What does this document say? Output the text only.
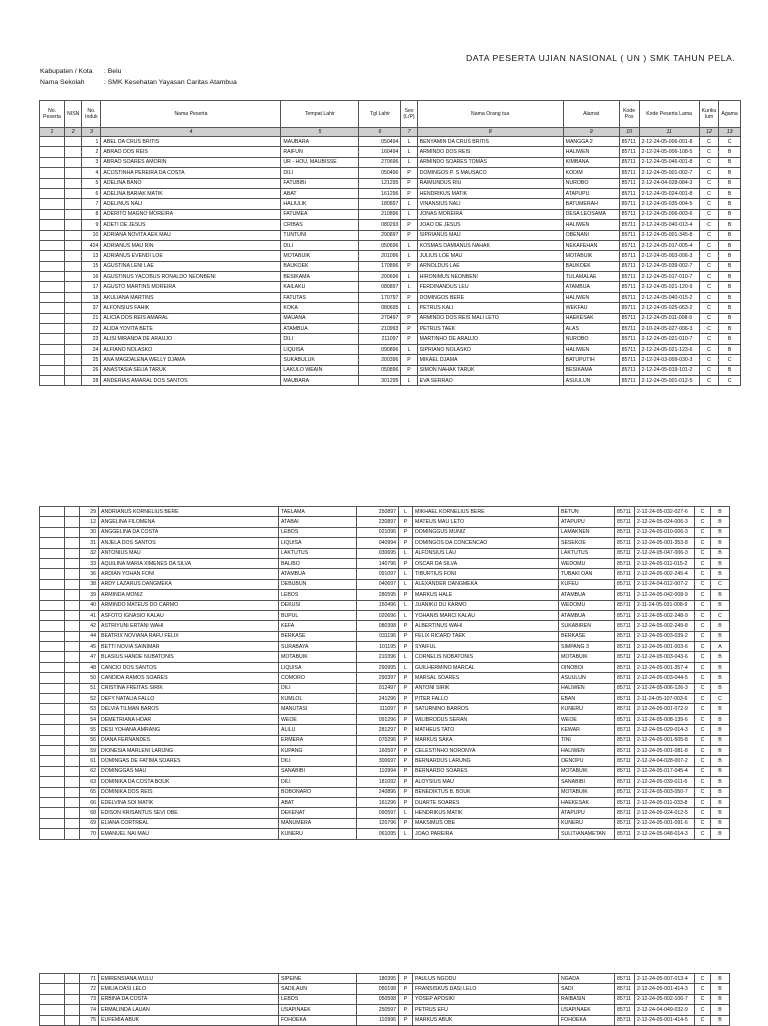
DATA PESERTA UJIAN NASIONAL ( UN ) SMK TAHUN PELA.
Kabupaten / Kota : Belu
Nama Sekolah	: SMK Kesehatan Yayasan Caritas Atambua
No. Peserta	NISN	No. Induk	Nama Peserta	Tempat Lahir	Tgl Lahir	Sex (L/P)	Nama Orang tua	Alamat	Kode Pos	Kode Peserta Lama	Kuriku lum	Agama
1	2	3	4	5	6	7	8	9	10	11	12	13
		1	ABEL DA CRUS BRITIS	MAUBARA	050494	L	BENYAMIN DA CRUS BRITIS	MANGGA 2	85711	2-12-24-05-006-001-8	C	C
		2	ABRAO DOS REIS	RAIFUN	160494	L	ARMINDO DOS REIS	HALIWEN	85711	2-12-24-05-006-108-5	C	B
		3	ABRAO SOARES AMORIN	UR - HOU, MAUBISSE	270696	L	ARMINDO SOARES TOMAS	KIMBANA	85711	2-12-24-05-046-001-8	C	B
		4	ACOSTINHA PEREIRA DA COSTA	DILI	050496	P	DOMINGOS P. S MAUSACO	KODIM	85711	2-12-24-05-001-002-7	C	B
		5	ADELINA BANO	FATUBIBI	121295	P	RAIMUNDUS RIU	NUROBO	85711	2-12-24-04-028-084-3	C	B
		6	ADELINA BARIAK MATIK	ABAT	161296	P	HENDRIKUS MATIK	ATAPUPU	85711	2-12-24-05-024-001-8	C	B
		7	ADELINUS NALI	HALIULIK	180897	L	VINANSIUS NALI	BATUMERAH	85711	2-12-24-05-035-004-5	C	B
		8	ADERITO MAGNO MOREIRA	FATUMEA	210896	L	JONAS MOREIRA	DESA LEOSAMA	85711	2-12-24-05-006-003-6	C	B
		9	ADETI DE JESUS	CRIBAS	080293	P	JOAO DE JESUS	HALIWEN	85711	2-12-24-05-040-013-4	C	B
		10	ADRIANA NOVITA AEK MAU	TUNTUNI	290897	P	SIPRIANUS MAU	OBENANI	85711	2-12-24-05-001-345-8	C	B
		424	ADRIANUS MAU RIN	DILI	050696	L	KOSMAS DAMIANUS NAHAK	NEKAFEHAN	85711	2-12-24-05-017-005-4	C	B
		13	ADRIANUS EVENDI LOE	MOTABUIK	201096	L	JULIUS LOE MAU	MOTABUIK	85711	2-12-24-05-003-006-3	C	B
		15	AGUSTINA LENI LAE	BAUKOEK	170896	P	ARNOLDUS LAE	BAUKOEK	85711	2-12-24-05-039-002-7	C	B
		16	AGUSTINUS YACOBUS RONALDO NEONBENI	BESIKAMA	200696	L	HIRONIMUS NEONBENI	TULAMALAE	85711	2-12-24-05-017-010-7	C	B
		17	AGUSTO MARTINS MOREIRA	KAILAKU	080897	L	FERDINANDUS LEU	ATAMBUA	85711	2-12-24-05-021-120-9	C	B
		18	AKULIANA MARTINS	FATUTAS	170797	P	DOMINGOS BERE	HALIWEN	85711	2-12-24-05-040-015-2	C	B
		37	ALFONSIUS FAHIK	KOKA	080695	L	PETRUS KALI	WEKFAU	85711	2-12-24-05-025-063-2	C	B
		21	ALICIA DOS REIS AMARAL	MAUANA	270497	P	ARMINDO DOS REIS MALI LETO	HAEKESAK	85711	2-12-24-05-011-008-9	C	B
		22	ALIDA YOVITA BETE	ATAMBUA	210993	P	PETRUS TAEK	ALAS	85711	2-10-24-05-027-006-3	C	B
		23	ALISI MIRANDA DE ARAUJO	DILI	211097	P	MARTINHO DE ARAUJO	NUROBO	85711	2-12-24-05-021-010-7	C	B
		24	ALFIANO NOLASKO	LIQUISA	090896	L	SIPRIANO NOLASKO	HALIWEN	85711	2-12-24-05-021-123-6	C	B
		25	ANA MAGDALENA WELLY DJAMA	SUKABULUK	200396	P	MIKAEL DJAMA	BATUPUTIH	85711	2-12-24-03-009-030-3	C	C
		26	ANASTASIA SELIA TARUK	LAKULO WEAIN	050896	P	SIMON NAHAK TARUK	BESIKAMA	85711	2-12-24-05-019-101-2	C	B
		28	ANDERIAS AMARAL DOS SANTOS	MAUBARA	301295	L	EVA SERRAO	ASUULUN	85711	2-12-24-05-001-012-5	C	C
		29	ANDRIANUS KORNELIUS BERE	TAELAMA	250897	L	MIKHAEL KORNELIUS BERE	BETUN	85711	2-12-24-05-032-027-6	C	B
		12	ANGELINA FILOMENA	ATABAI	230897	P	MATEUS MAU LETO	ATAPUPU	85711	2-12-24-05-024-006-3	C	B
		30	ANGGELINA DA COSTA	LEBOS	021096	P	DOMINGGUS MUNIZ	LAMAKNEN	85711	2-12-24-05-010-006-3	C	B
		31	ANJELA DOS SANTOS	LIQUISA	040994	P	DOMINGOS DA CONCENCAO	SESEKOE	85711	2-12-24-05-001-353-8	C	B
		32	ANTONIUS MAU	LAKTUTUS	030695	L	ALFONSIUS LAU	LAKTUTUS	85711	2-12-24-05-047-006-3	C	B
		33	AQUILINA MARIA XIMENES DA SILVA	BALIBO	140796	P	OSCAR DA SILVA	WEDOMU	85711	2-12-24-05-011-015-2	C	B
		36	ARDIAN YOHAN FONI	ATAMBUA	091097	L	TIBURTIUS FONI	TUBAKI OAN	85711	2-12-24-05-002-245-4	C	B
		38	ARDY LAZARUS DANGMEKA	DEBUBUN	040697	L	ALEXANDER DANGMEKA	KUFEU	85711	2-12-24-04-012-007-2	C	C
		39	ARMINDA MONIZ	LEBOS	280595	P	MARKUS HALE	ATAMBUA	85711	2-12-24-05-042-008-9	C	B
		40	ARMINDO MATEUS DO CARMO	DEKUSI	150496	L	JUANIKU DU KARMO	WEDOMU	85711	2-11-24-05-031-008-9	C	B
		41	ASFOTO IGNASIO KALAU	BUPUL	020696	L	YOHANIS MARCI KALAU	ATAMBUA	85711	2-12-24-05-002-248-9	C	C
		42	ASTRIYUNI ERTANI WAHI	KEFA	080398	P	ALBERTINUS WAHI	SUKABIREN	85711	2-12-24-05-002-249-8	C	B
		44	BEATRIX NOVIANA RAFU FELIX	BERKASE	031196	P	FELIX RICARD TAEK	BERKASE	85711	2-12-24-05-003-039-2	C	B
		45	BETTI NOVIA SAINIMAR	SURABAYA	101195	P	SYAIFUL	SIMPANG 3	85711	2-12-24-05-001-003-6	C	A
		47	BLASIUS HANDE NUBATONIS	MOTABUIK	210396	L	CORNELIS NOBATONIS	MOTABUIK	85711	2-12-24-05-003-043-6	C	B
		48	CANCIO DOS SANTOS	LIQUISA	290995	L	GUILHERMINO MARCAL	OINOBOI	85711	2-12-24-05-001-357-4	C	B
		50	CANDIDA RAMOS SOARES	COMORO	290397	P	MARSAL SOARES	ASUULUN	85711	2-12-24-05-003-044-5	C	B
		51	CRISTINA FREITAS SIRIK	DILI	012497	P	ANTONI SIRIK	HALIWEN	85711	2-12-24-05-006-126-3	C	B
		52	DEFY NATALIA FALLO	KUMLOL	241296	P	PITER FALLO	EBAN	85711	2-11-24-05-107-003-6	C	C
		53	DELVIA TILMAN BAROS	MANUTASI	111097	P	SATURNINO BARROS	KUNERU	85711	2-12-24-05-001-072-9	C	B
		54	DEMETRIANA HOAR	WEOE	091296	P	WILIBRODUS SERAN	WEOE	85711	2-12-24-05-008-139-6	C	B
		55	DESI YOHANA AMRANG	ALILU	281297	P	MATHEUS TATO	KEWAR	85711	2-12-24-05-029-014-3	C	B
		56	DIANA FERNANDES	ERMERA	070296	P	MARKUS SAKA	TINI	85711	2-12-24-05-001-505-8	C	B
		59	DIONESIA MARLENI LARUNG	KUPANG	160597	P	CELESTINHO NORONYA	HALIWEN	85711	2-12-24-05-001-081-8	C	B
		61	DOMINGAS DE FATIMA SOARES	DILI	300697	P	BERNARDUS LARUNG	OENOPU	85711	2-12-24-04-028-007-2	C	B
		62	DOMINGGAS MAU	SANABIBI	110994	P	BERNARDO SOARES	MOTABUIK	85711	2-12-24-05-017-045-4	C	B
		63	DOMINIKA DA COSTA BOUK	DILI	181092	P	ALOYSIUS MAU	SANABIBI	85711	2-12-24-05-039-011-6	C	B
		65	DOMINIKA DOS REIS	BOBONARO	240896	P	BENEDIKTUS B. BOUK	MOTABUIK	85711	2-12-24-05-003-050-7	C	B
		66	EDELVINA SOI MATIK	ABAT	161296	P	DUARTE SOARES	HAEKESAK	85711	2-12-24-05-011-033-8	C	B
		68	EDISON KRISANTUS SEVI OBE	DEKENAT	090597	L	HENDRIKUS MATIK	ATAPUPU	85711	2-12-24-05-024-012-5	C	B
		69	ELIANA CORTREAL	MANUMERA	120796	P	MAKSIMUS OBE	KUNERU	85711	2-12-24-05-001-091-6	C	B
		70	EMANUEL NAI MAU	KUNERU	061095	L	JOAO PAREIRA	SULIT/ANAMETAN	85711	2-12-24-05-048-014-3	C	B
		71	EMIRENSIANA WULU	SIPEINE	180395	P	PAULUS NGODU	NGADA	85711	2-12-24-05-007-013-4	C	B
		72	EMILIA DASI LELO	SADILAUN	050198	P	FRANSISKUS DASI LELO	SADI	85711	2-12-24-05-001-414-3	C	B
		73	ERBINA DA COSTA	LEBOS	050598	P	YOSEP APOSIKI	RAIBASIN	85711	2-12-24-05-002-106-7	C	B
		74	ERMALINDA LAUAN	USAPINAEK	250597	P	PETRUS EFU	USAPINAEK	85711	2-12-24-04-049-032-9	C	B
		75	EUFEMIA ABUK	FOHOEKA	110996	P	MARKUS ABUK	FOHOEKA	85711	2-12-24-05-001-414-5	C	B
